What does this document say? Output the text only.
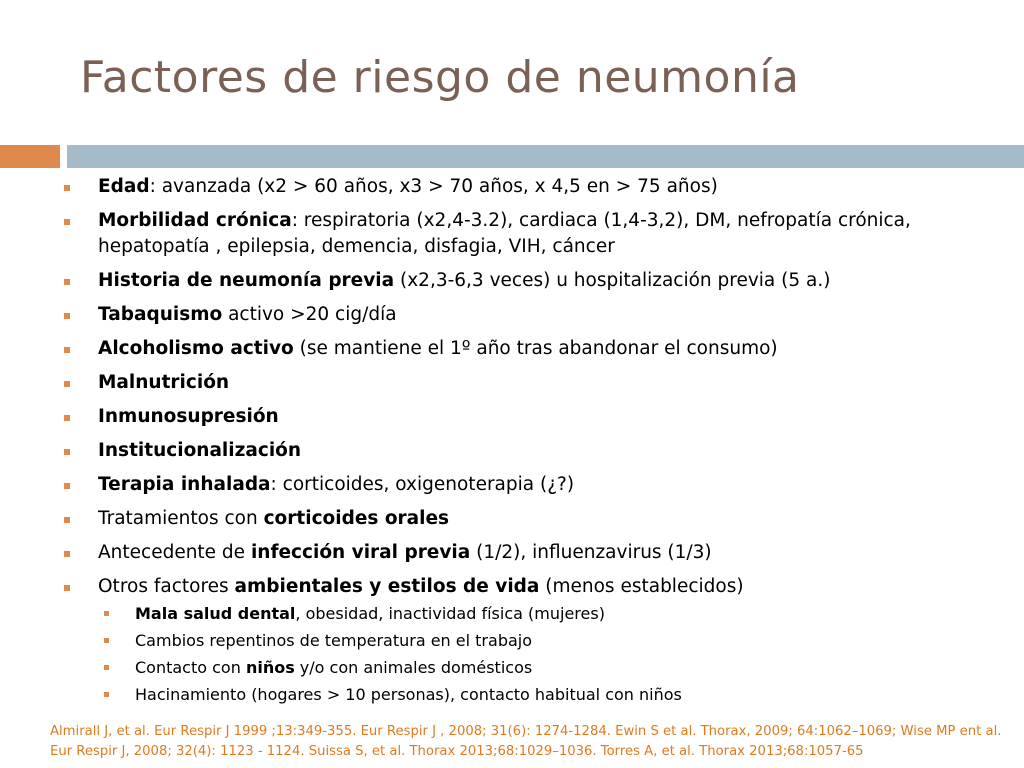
Factores de riesgo de neumonía
Edad: avanzada (x2 > 60 años, x3 > 70 años, x 4,5 en > 75 años)
Morbilidad crónica: respiratoria (x2,4-3.2), cardiaca (1,4-3,2), DM, nefropatía crónica, hepatopatía , epilepsia, demencia, disfagia, VIH, cáncer
Historia de neumonía previa (x2,3-6,3 veces) u hospitalización previa (5 a.)
Tabaquismo activo >20 cig/día
Alcoholismo activo (se mantiene el 1º año tras abandonar el consumo)
Malnutrición
Inmunosupresión
Institucionalización
Terapia inhalada: corticoides, oxigenoterapia (¿?)
Tratamientos con corticoides orales
Antecedente de infección viral previa (1/2), influenzavirus (1/3)
Otros factores ambientales y estilos de vida (menos establecidos)
Mala salud dental, obesidad, inactividad física (mujeres)
Cambios repentinos de temperatura en el trabajo
Contacto con niños y/o con animales domésticos
Hacinamiento (hogares > 10 personas), contacto habitual con niños
Almirall J, et al. Eur Respir J 1999 ;13:349-355. Eur Respir J , 2008; 31(6): 1274-1284. Ewin S et al. Thorax, 2009; 64:1062–1069; Wise MP ent al. Eur Respir J, 2008; 32(4): 1123 - 1124. Suissa S, et al. Thorax 2013;68:1029–1036. Torres A, et al. Thorax 2013;68:1057-65
